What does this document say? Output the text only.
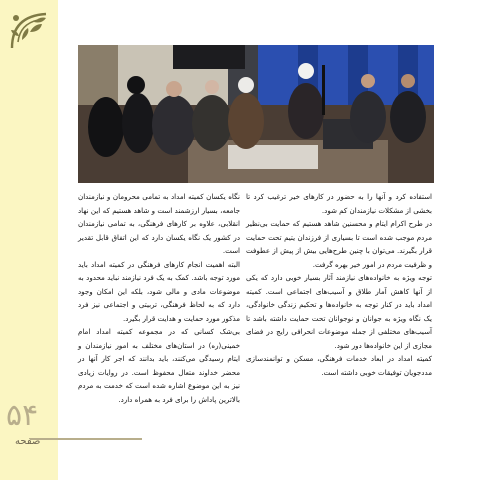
استفاده کرد و آنها را به حضور در کارهای خیر ترغیب کرد تا بخشی از مشکلات نیازمندان کم شود.

در طرح اکرام ایتام و محسنین شاهد هستیم که حمایت بی‌نظیر مردم موجب شده است تا بسیاری از فرزندان یتیم تحت حمایت قرار بگیرند. می‌توان با چنین طرح‌هایی بیش از پیش از عطوفت و ظرفیت مردم در امور خیر بهره گرفت.

توجه ویژه به خانواده‌های نیازمند آثار بسیار خوبی دارد که یکی از آنها کاهش آمار طلاق و آسیب‌های اجتماعی است. کمیته امداد باید در کنار توجه به خانواده‌ها و تحکیم زندگی خانوادگی، یک نگاه ویژه به جوانان و نوجوانان تحت حمایت داشته باشد تا آسیب‌های مختلفی از جمله موضوعات انحرافی رایج در فضای مجازی از این خانواده‌ها دور شود.

کمیته امداد در ابعاد خدمات فرهنگی، مسکن و توانمندسازی مددجویان توفیقات خوبی داشته است.

نگاه یکسان کمیته امداد به تمامی محرومان و نیازمندان جامعه، بسیار ارزشمند است و شاهد هستیم که این نهاد انقلابی، علاوه بر کارهای فرهنگی، به تمامی نیازمندان در کشور یک نگاه یکسان دارد که این اتفاق قابل تقدیر است.

البته اهمیت انجام کارهای فرهنگی در کمیته امداد باید مورد توجه باشد. کمک به یک فرد نیازمند نباید محدود به موضوعات مادی و مالی شود، بلکه این امکان وجود دارد که به لحاظ فرهنگی، تربیتی و اجتماعی نیز فرد مذکور مورد حمایت و هدایت قرار بگیرد.

بی‌شک کسانی که در مجموعه کمیته امداد امام خمینی(ره) در استان‌های مختلف به امور نیازمندان و ایتام رسیدگی می‌کنند، باید بدانند که اجر کار آنها در محضر خداوند متعال محفوظ است. در روایات زیادی نیز به این موضوع اشاره شده است که خدمت به مردم بالاترین پاداش را برای فرد به همراه دارد.

۵۴
صفحه
